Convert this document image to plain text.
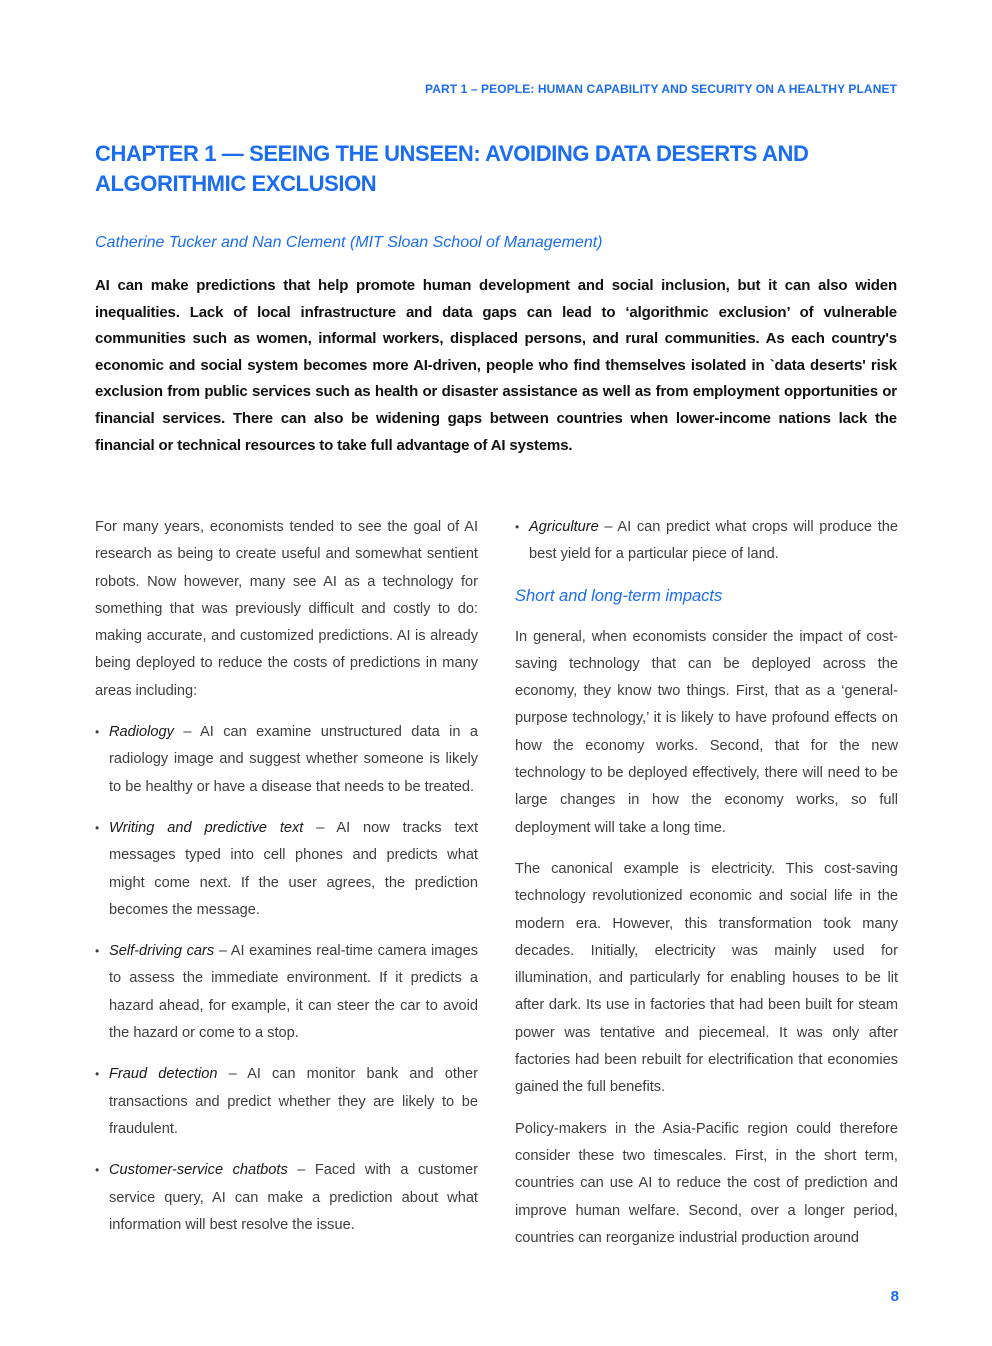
PART 1 – PEOPLE: HUMAN CAPABILITY AND SECURITY ON A HEALTHY PLANET
CHAPTER 1 — SEEING THE UNSEEN: AVOIDING DATA DESERTS AND ALGORITHMIC EXCLUSION
Catherine Tucker and Nan Clement (MIT Sloan School of Management)

AI can make predictions that help promote human development and social inclusion, but it can also widen inequalities. Lack of local infrastructure and data gaps can lead to ‘algorithmic exclusion’ of vulnerable communities such as women, informal workers, displaced persons, and rural communities. As each country's economic and social system becomes more AI-driven, people who find themselves isolated in `data deserts' risk exclusion from public services such as health or disaster assistance as well as from employment opportunities or financial services. There can also be widening gaps between countries when lower-income nations lack the financial or technical resources to take full advantage of AI systems.

For many years, economists tended to see the goal of AI research as being to create useful and somewhat sentient robots. Now however, many see AI as a technology for something that was previously difficult and costly to do: making accurate, and customized predictions. AI is already being deployed to reduce the costs of predictions in many areas including:

• Radiology – AI can examine unstructured data in a radiology image and suggest whether someone is likely to be healthy or have a disease that needs to be treated.
• Writing and predictive text – AI now tracks text messages typed into cell phones and predicts what might come next. If the user agrees, the prediction becomes the message.
• Self-driving cars – AI examines real-time camera images to assess the immediate environment. If it predicts a hazard ahead, for example, it can steer the car to avoid the hazard or come to a stop.
• Fraud detection – AI can monitor bank and other transactions and predict whether they are likely to be fraudulent.
• Customer-service chatbots – Faced with a customer service query, AI can make a prediction about what information will best resolve the issue.
• Agriculture – AI can predict what crops will produce the best yield for a particular piece of land.
Short and long-term impacts

In general, when economists consider the impact of cost-saving technology that can be deployed across the economy, they know two things. First, that as a ‘general-purpose technology,’ it is likely to have profound effects on how the economy works. Second, that for the new technology to be deployed effectively, there will need to be large changes in how the economy works, so full deployment will take a long time.

The canonical example is electricity. This cost-saving technology revolutionized economic and social life in the modern era. However, this transformation took many decades. Initially, electricity was mainly used for illumination, and particularly for enabling houses to be lit after dark. Its use in factories that had been built for steam power was tentative and piecemeal. It was only after factories had been rebuilt for electrification that economies gained the full benefits.

Policy-makers in the Asia-Pacific region could therefore consider these two timescales. First, in the short term, countries can use AI to reduce the cost of prediction and improve human welfare. Second, over a longer period, countries can reorganize industrial production around

8
